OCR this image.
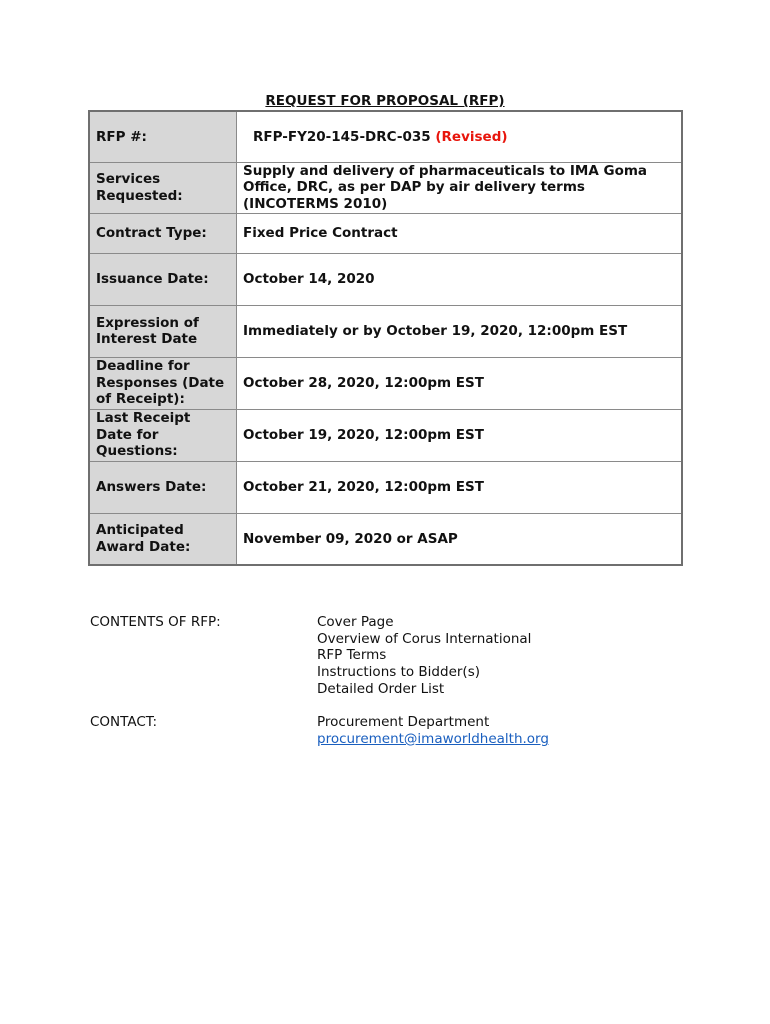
REQUEST FOR PROPOSAL (RFP)
RFP #:	RFP-FY20-145-DRC-035 (Revised)
Services Requested:	Supply and delivery of pharmaceuticals to IMA Goma Office, DRC, as per DAP by air delivery terms (INCOTERMS 2010)
Contract Type:	Fixed Price Contract
Issuance Date:	October 14, 2020
Expression of Interest Date	Immediately or by October 19, 2020, 12:00pm EST
Deadline for Responses (Date of Receipt):	October 28, 2020, 12:00pm EST
Last Receipt Date for Questions:	October 19, 2020, 12:00pm EST
Answers Date:	October 21, 2020, 12:00pm EST
Anticipated Award Date:	November 09, 2020 or ASAP
CONTENTS OF RFP:	Cover Page
Overview of Corus International
RFP Terms
Instructions to Bidder(s)
Detailed Order List
CONTACT:	Procurement Department
procurement@imaworldhealth.org
